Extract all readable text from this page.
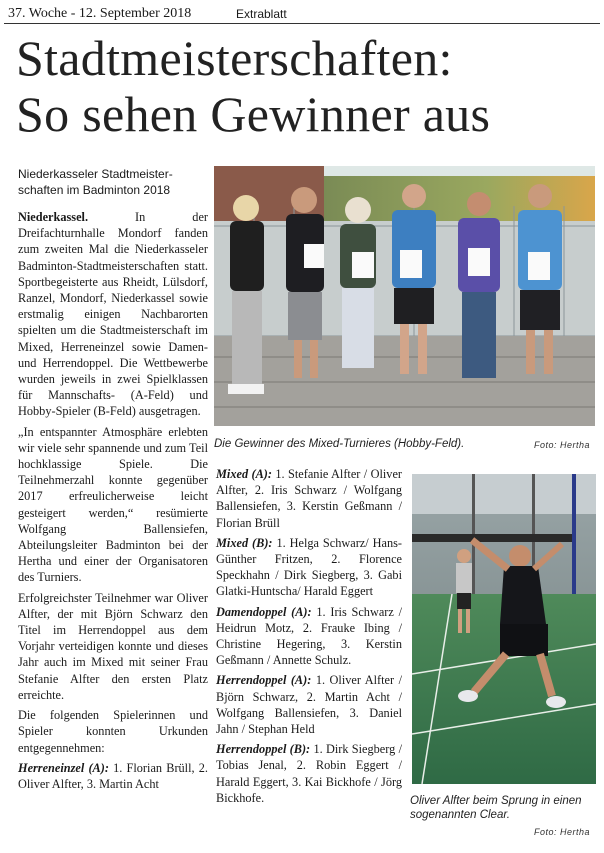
37. Woche - 12. September 2018	Extrablatt
Stadtmeisterschaften:
So sehen Gewinner aus
Niederkasseler Stadtmeister-schaften im Badminton 2018
Die Gewinner des Mixed-Turnieres (Hobby-Feld).	Foto: Hertha

Niederkassel.	In der Dreifachturnhalle Mondorf fanden zum zweiten Mal die Niederkasseler Badminton-Stadtmeisterschaften statt. Sportbegeisterte aus Rheidt, Lülsdorf, Ranzel, Mondorf, Niederkassel sowie erstmalig einigen Nachbarorten spielten um die Stadtmeisterschaft im Mixed, Herreneinzel sowie Damen- und Herrendoppel. Die Wettbewerbe wurden jeweils in zwei Spielklassen für Mannschafts- (A-Feld) und Hobby-Spieler (B-Feld) ausgetragen.

„In entspannter Atmosphäre erlebten wir viele sehr spannende und zum Teil hochklassige Spiele. Die Teilnehmerzahl konnte gegenüber 2017 erfreulicherweise leicht gesteigert werden,“ resümierte Wolfgang Ballensiefen, Abteilungsleiter Badminton bei der Hertha und einer der Organisatoren des Turniers.

Erfolgreichster Teilnehmer war Oliver Alfter, der mit Björn Schwarz den Titel im Herrendoppel aus dem Vorjahr verteidigen konnte und dieses Jahr auch im Mixed mit seiner Frau Stefanie Alfter den ersten Platz erreichte.

Die folgenden Spielerinnen und Spieler konnten Urkunden entgegennehmen:

Herreneinzel (A): 1. Florian Brüll, 2. Oliver Alfter, 3. Martin Acht

Mixed (A): 1. Stefanie Alfter / Oliver Alfter, 2. Iris Schwarz / Wolfgang Ballensiefen, 3. Kerstin Geßmann / Florian Brüll

Mixed (B): 1. Helga Schwarz/ Hans-Günther Fritzen, 2. Florence Speckhahn / Dirk Siegberg, 3. Gabi Glatki-Huntscha/ Harald Eggert

Damendoppel (A): 1. Iris Schwarz / Heidrun Motz, 2. Frauke Ibing / Christine Hegering, 3. Kerstin Geßmann / Annette Schulz.

Herrendoppel (A): 1. Oliver Alfter / Björn Schwarz, 2. Martin Acht / Wolfgang Ballensiefen, 3. Daniel Jahn / Stephan Held

Herrendoppel (B): 1. Dirk Siegberg / Tobias Jenal, 2. Robin Eggert / Harald Eggert, 3. Kai Bickhofe / Jörg Bickhofe.	Oliver Alfter beim Sprung in einen sogenannten Clear.
Foto: Hertha
